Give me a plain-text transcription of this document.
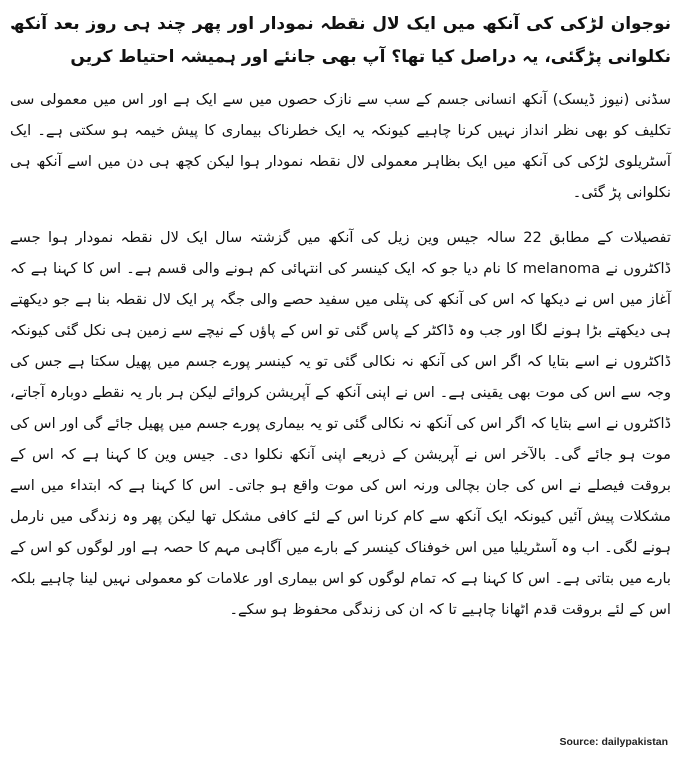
نوجوان لڑکی کی آنکھ میں ایک لال نقطہ نمودار اور پھر چند ہی روز بعد آنکھ نکلوانی پڑگئی، یہ دراصل کیا تھا؟ آپ بھی جانئے اور ہمیشہ احتیاط کریں

سڈنی (نیوز ڈیسک) آنکھ انسانی جسم کے سب سے نازک حصوں میں سے ایک ہے اور اس میں معمولی سی تکلیف کو بھی نظر انداز نہیں کرنا چاہیے کیونکہ یہ ایک خطرناک بیماری کا پیش خیمہ ہو سکتی ہے۔ ایک آسٹریلوی لڑکی کی آنکھ میں ایک بظاہر معمولی لال نقطہ نمودار ہوا لیکن کچھ ہی دن میں اسے آنکھ ہی نکلوانی پڑ گئی۔

تفصیلات کے مطابق 22 سالہ جیس وین زیل کی آنکھ میں گزشتہ سال ایک لال نقطہ نمودار ہوا جسے ڈاکٹروں نے melanoma کا نام دیا جو کہ ایک کینسر کی انتہائی کم ہونے والی قسم ہے۔ اس کا کہنا ہے کہ آغاز میں اس نے دیکھا کہ اس کی آنکھ کی پتلی میں سفید حصے والی جگہ پر ایک لال نقطہ بنا ہے جو دیکھتے ہی دیکھتے بڑا ہونے لگا اور جب وہ ڈاکٹر کے پاس گئی تو اس کے پاؤں کے نیچے سے زمین ہی نکل گئی کیونکہ ڈاکٹروں نے اسے بتایا کہ اگر اس کی آنکھ نہ نکالی گئی تو یہ کینسر پورے جسم میں پھیل سکتا ہے جس کی وجہ سے اس کی موت بھی یقینی ہے۔ اس نے اپنی آنکھ کے آپریشن کروائے لیکن ہر بار یہ نقطے دوبارہ آجاتے، ڈاکٹروں نے اسے بتایا کہ اگر اس کی آنکھ نہ نکالی گئی تو یہ بیماری پورے جسم میں پھیل جائے گی اور اس کی موت ہو جائے گی۔ بالآخر اس نے آپریشن کے ذریعے اپنی آنکھ نکلوا دی۔ جیس وین کا کہنا ہے کہ اس کے بروقت فیصلے نے اس کی جان بچالی ورنہ اس کی موت واقع ہو جاتی۔ اس کا کہنا ہے کہ ابتداء میں اسے مشکلات پیش آئیں کیونکہ ایک آنکھ سے کام کرنا اس کے لئے کافی مشکل تھا لیکن پھر وہ زندگی میں نارمل ہونے لگی۔ اب وہ آسٹریلیا میں اس خوفناک کینسر کے بارے میں آگاہی مہم کا حصہ ہے اور لوگوں کو اس کے بارے میں بتاتی ہے۔ اس کا کہنا ہے کہ تمام لوگوں کو اس بیماری اور علامات کو معمولی نہیں لینا چاہیے بلکہ اس کے لئے بروقت قدم اٹھانا چاہیے تا کہ ان کی زندگی محفوظ ہو سکے۔

Source: dailypakistan
